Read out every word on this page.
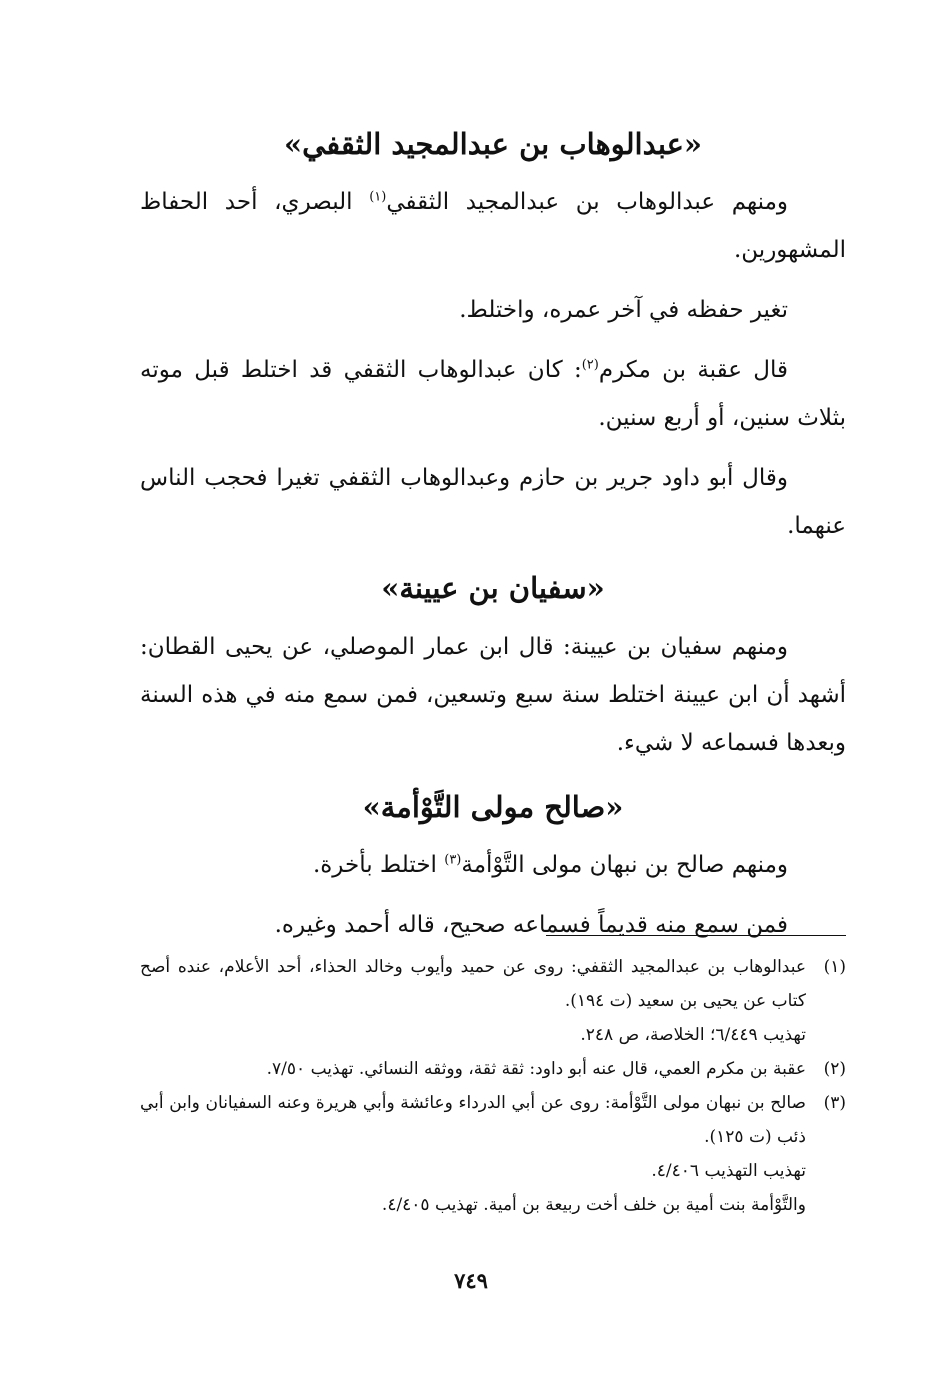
«عبدالوهاب بن عبدالمجيد الثقفي»

ومنهم عبدالوهاب بن عبدالمجيد الثقفي$^{(١)}$ البصري، أحد الحفاظ المشهورين.

تغير حفظه في آخر عمره، واختلط.

قال عقبة بن مكرم$^{(٢)}$: كان عبدالوهاب الثقفي قد اختلط قبل موته بثلاث سنين، أو أربع سنين.

وقال أبو داود جرير بن حازم وعبدالوهاب الثقفي تغيرا فحجب الناس عنهما.

«سفيان بن عيينة»

ومنهم سفيان بن عيينة: قال ابن عمار الموصلي، عن يحيى القطان: أشهد أن ابن عيينة اختلط سنة سبع وتسعين، فمن سمع منه في هذه السنة وبعدها فسماعه لا شيء.

«صالح مولى التَّوْأمة»

ومنهم صالح بن نبهان مولى التَّوْأمة$^{(٣)}$ اختلط بأخرة.

فمن سمع منه قديماً فسماعه صحيح، قاله أحمد وغيره.

(١)

عبدالوهاب بن عبدالمجيد الثقفي: روى عن حميد وأيوب وخالد الحذاء، أحد الأعلام، عنده أصح كتاب عن يحيى بن سعيد (ت ١٩٤).

تهذيب ٦/٤٤٩؛ الخلاصة، ص ٢٤٨.

(٢)

عقبة بن مكرم العمي، قال عنه أبو داود: ثقة ثقة، ووثقه النسائي. تهذيب ٧/٥٠.

(٣)

صالح بن نبهان مولى التَّوْأمة: روى عن أبي الدرداء وعائشة وأبي هريرة وعنه السفيانان وابن أبي ذئب (ت ١٢٥).

تهذيب التهذيب ٤/٤٠٦.

والتَّوْأمة بنت أمية بن خلف أخت ربيعة بن أمية. تهذيب ٤/٤٠٥.

٧٤٩
